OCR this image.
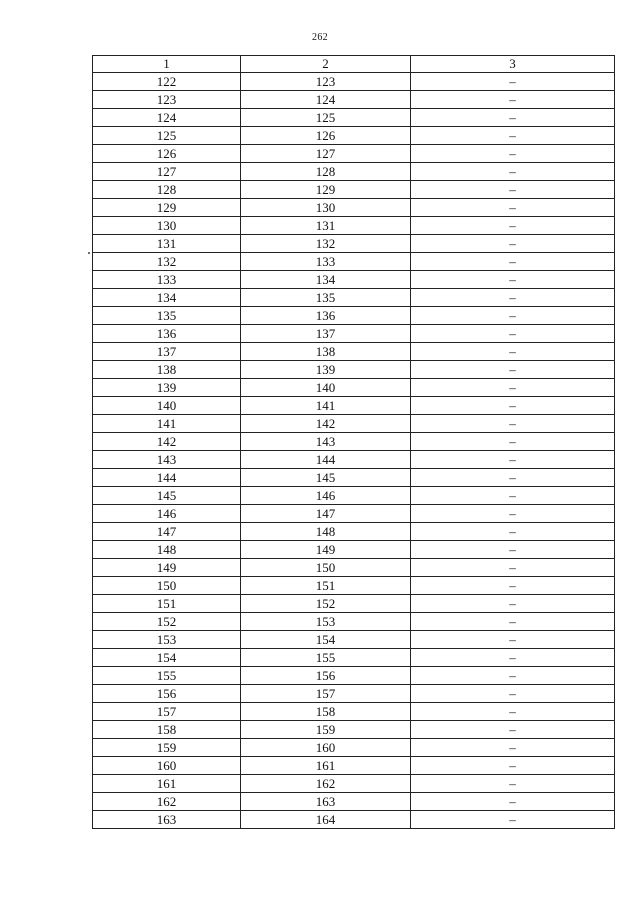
262
1	2	3
122	123	–
123	124	–
124	125	–
125	126	–
126	127	–
127	128	–
128	129	–
129	130	–
130	131	–
131	132	–
132	133	–
133	134	–
134	135	–
135	136	–
136	137	–
137	138	–
138	139	–
139	140	–
140	141	–
141	142	–
142	143	–
143	144	–
144	145	–
145	146	–
146	147	–
147	148	–
148	149	–
149	150	–
150	151	–
151	152	–
152	153	–
153	154	–
154	155	–
155	156	–
156	157	–
157	158	–
158	159	–
159	160	–
160	161	–
161	162	–
162	163	–
163	164	–
